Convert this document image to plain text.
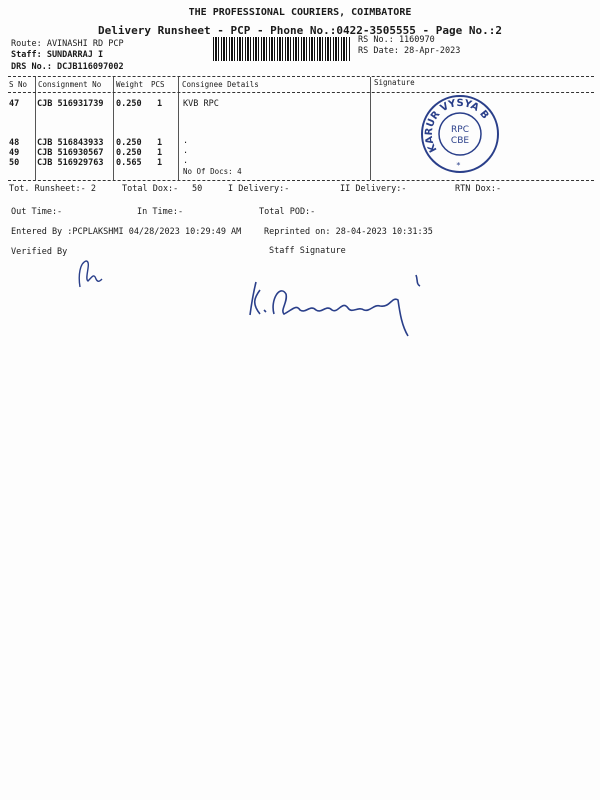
THE PROFESSIONAL COURIERS, COIMBATORE
Delivery Runsheet - PCP - Phone No.:0422-3505555 - Page No.:2
Route: AVINASHI RD PCP
Staff: SUNDARRAJ I
DRS No.: DCJB116097002
RS No.: 1160970
RS Date: 28-Apr-2023
S No Consignment No Weight PCS Consignee Details	Signature
47 CJB 516931739 0.250 1 KVB RPC
48 CJB 516843933 0.250 1 .
49 CJB 516930567 0.250 1 .
50 CJB 516929763 0.565 1 .
No Of Docs: 4
KARUR VYSYA BANK
RPC
CBE
*
Tot. Runsheet:- 2	Total Dox:- 50	I Delivery:-	II Delivery:-	RTN Dox:-
Out Time:-	In Time:-	Total POD:-
Entered By :PCPLAKSHMI 04/28/2023 10:29:49 AM	Reprinted on: 28-04-2023 10:31:35
Verified By	Staff Signature
